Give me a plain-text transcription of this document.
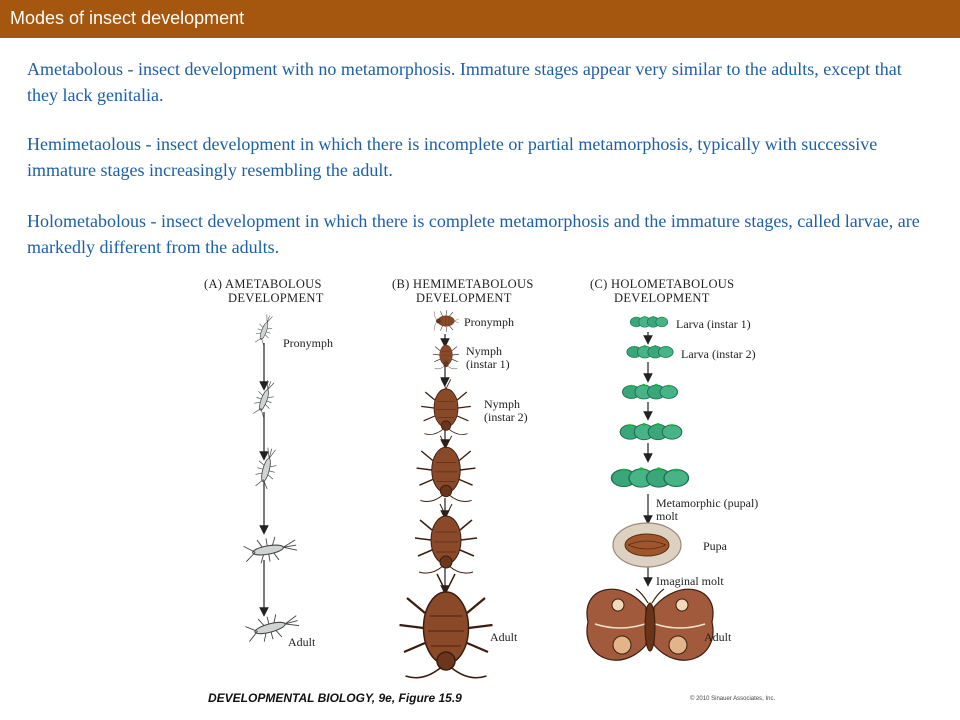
Modes of insect development

Ametabolous - insect development with no metamorphosis. Immature stages appear very similar to the adults, except that they lack genitalia.

Hemimetaolous - insect development in which there is incomplete or partial metamorphosis, typically with successive immature stages increasingly resembling the adult.

Holometabolous - insect development in which there is complete metamorphosis and the immature stages, called larvae, are markedly different from the adults.

(A) AMETABOLOUS
DEVELOPMENT
(B) HEMIMETABOLOUS
DEVELOPMENT
(C) HOLOMETABOLOUS
DEVELOPMENT
Pronymph
Adult
Pronymph
Nymph
(instar 1)
Nymph
(instar 2)
Adult
Larva (instar 1)
Larva (instar 2)
Metamorphic (pupal)
molt
Pupa
Imaginal molt
Adult
DEVELOPMENTAL BIOLOGY, 9e, Figure 15.9	© 2010 Sinauer Associates, Inc.
